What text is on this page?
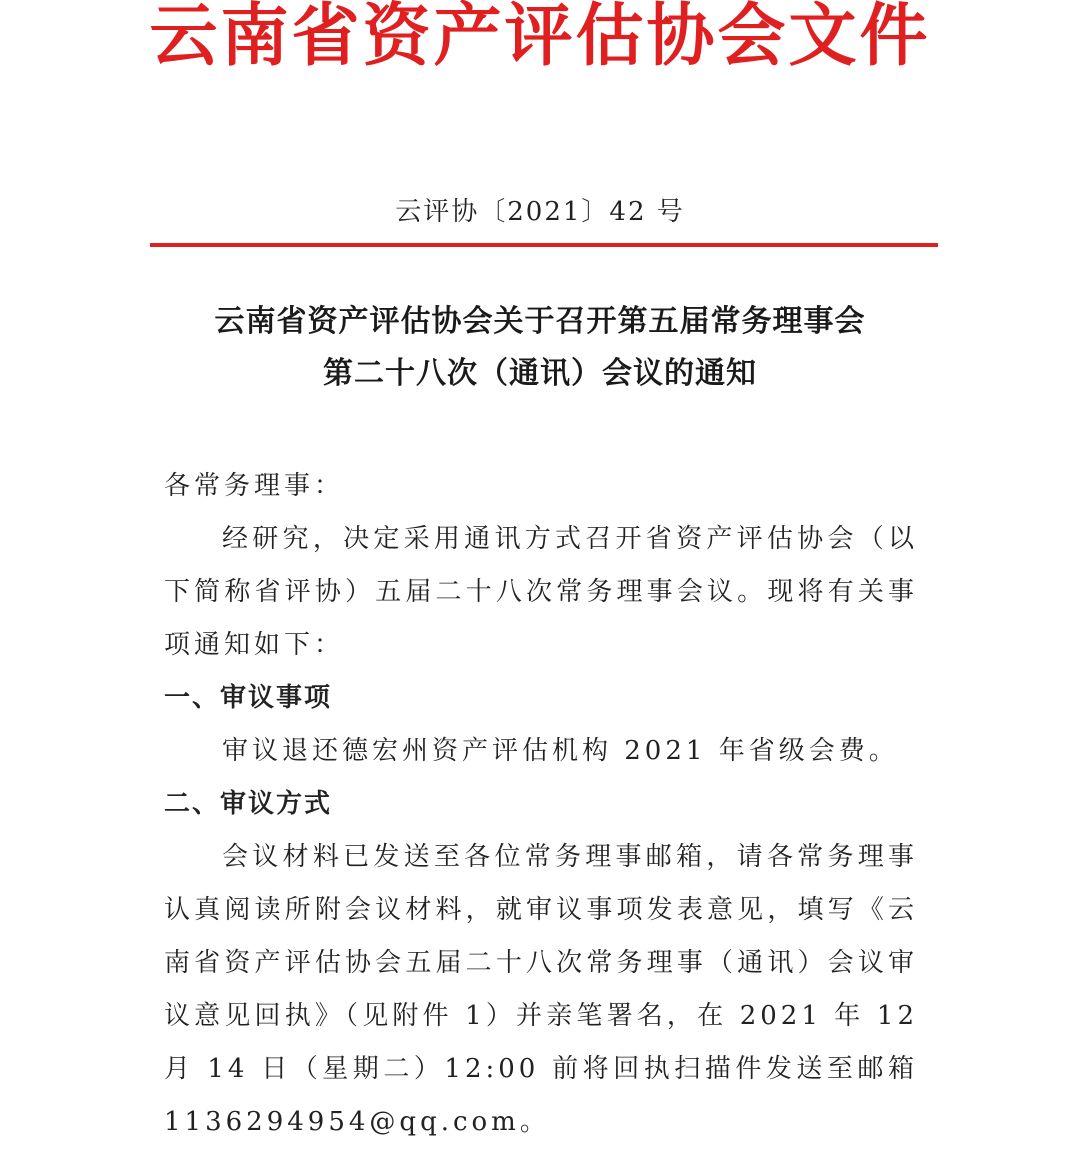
云南省资产评估协会文件
云评协〔2021〕42 号
云南省资产评估协会关于召开第五届常务理事会
第二十八次（通讯）会议的通知

各常务理事：

经研究，决定采用通讯方式召开省资产评估协会（以下简称省评协）五届二十八次常务理事会议。现将有关事项通知如下：

一、审议事项

审议退还德宏州资产评估机构 2021 年省级会费。

二、审议方式

会议材料已发送至各位常务理事邮箱，请各常务理事认真阅读所附会议材料，就审议事项发表意见，填写《云南省资产评估协会五届二十八次常务理事（通讯）会议审议意见回执》（见附件 1）并亲笔署名，在 2021 年 12 月 14 日（星期二）12:00 前将回执扫描件发送至邮箱 1136294954@qq.com。
